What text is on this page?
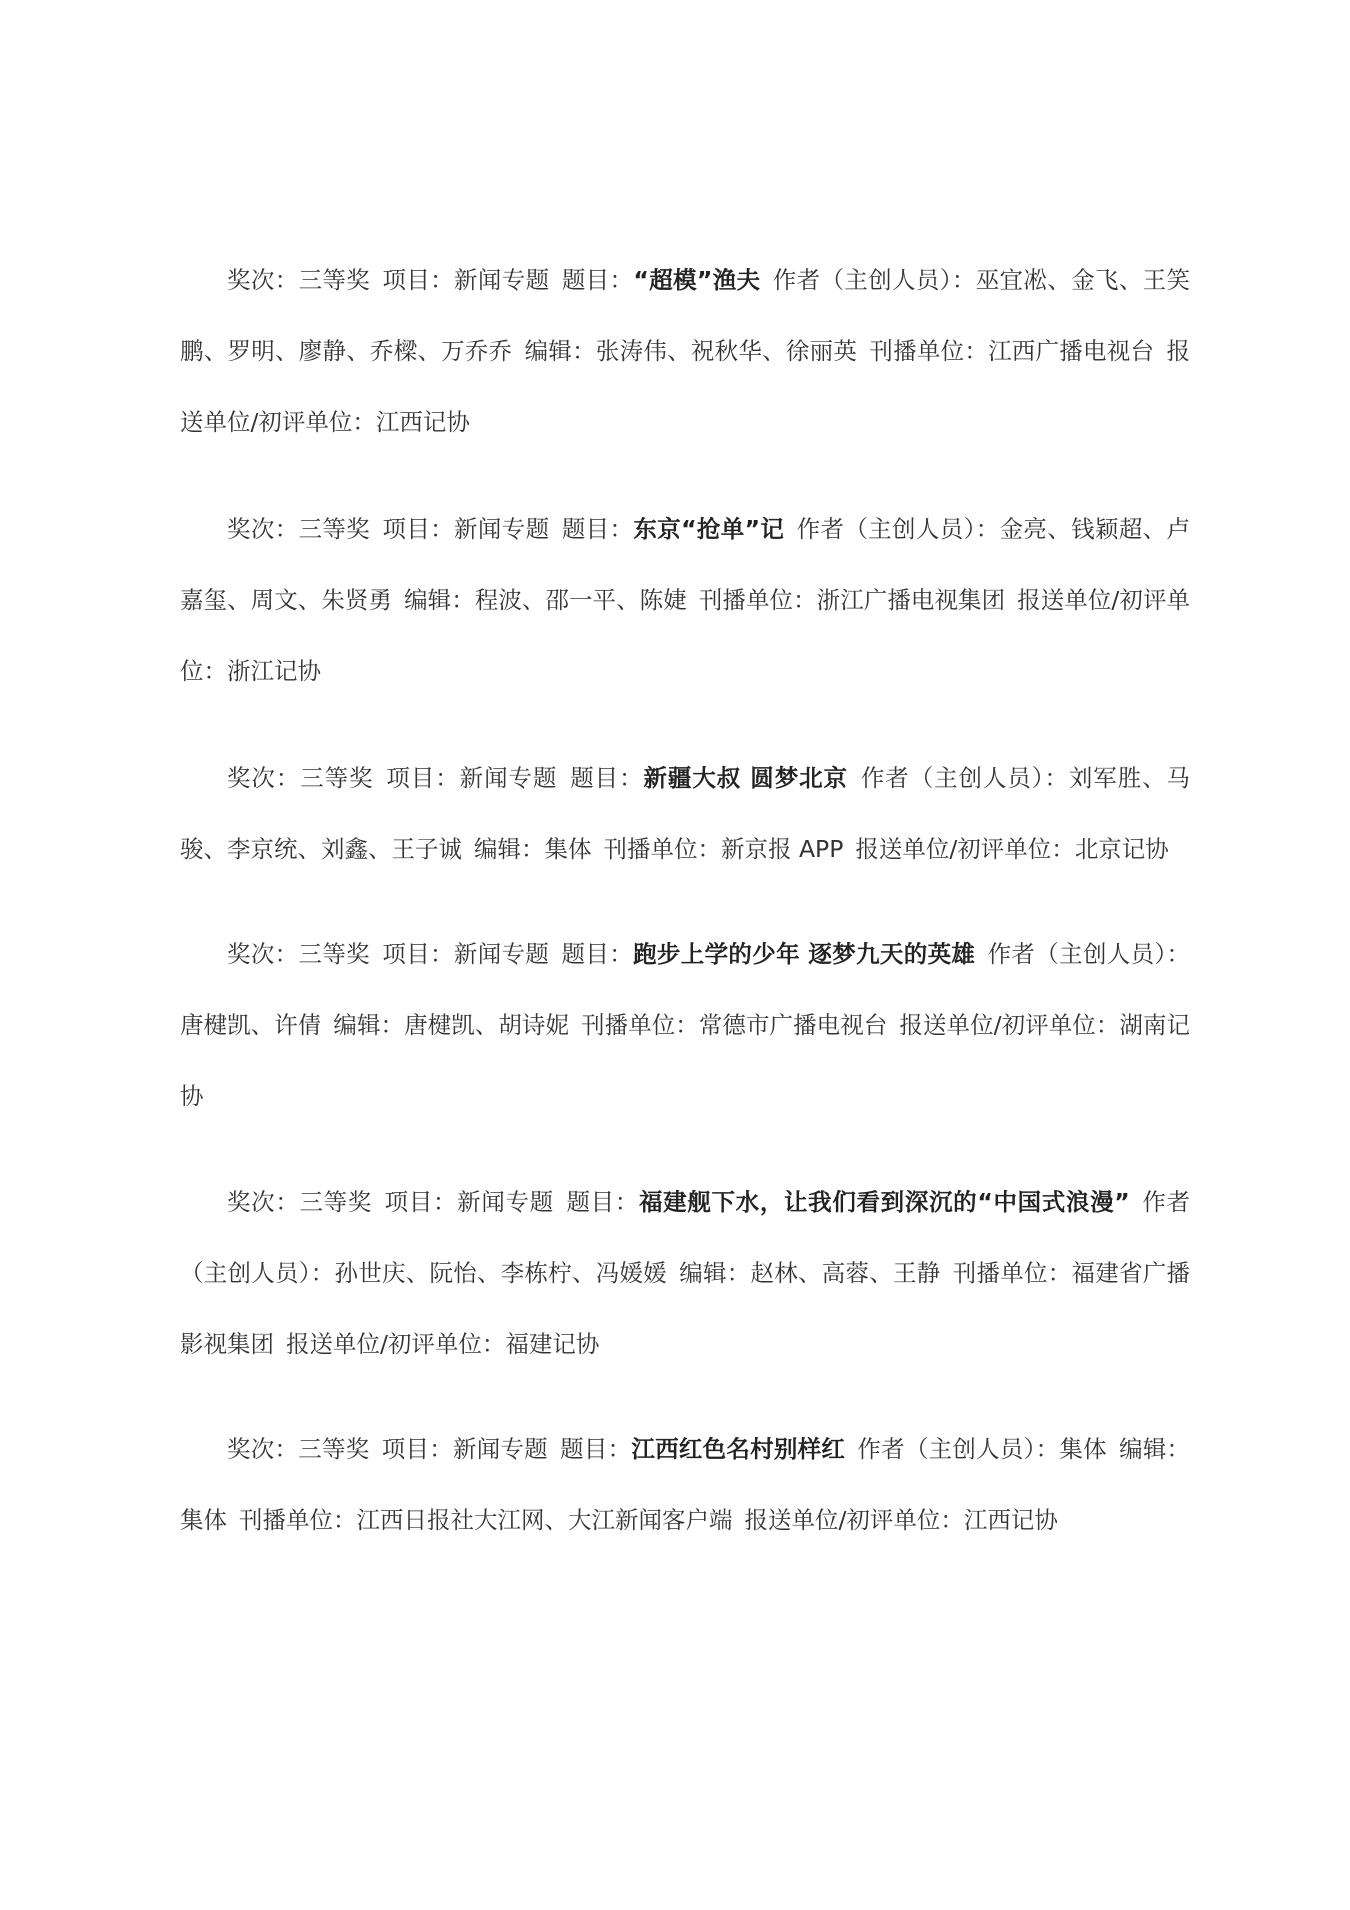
奖次：三等奖 项目：新闻专题 题目：“超模”渔夫 作者（主创人员）：巫宜凇、金飞、王笑鹏、罗明、廖静、乔樑、万乔乔 编辑：张涛伟、祝秋华、徐丽英 刊播单位：江西广播电视台 报送单位/初评单位：江西记协

奖次：三等奖 项目：新闻专题 题目：东京“抢单”记 作者（主创人员）：金亮、钱颖超、卢嘉玺、周文、朱贤勇 编辑：程波、邵一平、陈婕 刊播单位：浙江广播电视集团 报送单位/初评单位：浙江记协

奖次：三等奖 项目：新闻专题 题目：新疆大叔 圆梦北京 作者（主创人员）：刘军胜、马骏、李京统、刘鑫、王子诚 编辑：集体 刊播单位：新京报 APP 报送单位/初评单位：北京记协

奖次：三等奖 项目：新闻专题 题目：跑步上学的少年 逐梦九天的英雄 作者（主创人员）：唐楗凯、许倩 编辑：唐楗凯、胡诗妮 刊播单位：常德市广播电视台 报送单位/初评单位：湖南记协

奖次：三等奖 项目：新闻专题 题目：福建舰下水，让我们看到深沉的“中国式浪漫” 作者（主创人员）：孙世庆、阮怡、李栋柠、冯媛媛 编辑：赵林、高蓉、王静 刊播单位：福建省广播影视集团 报送单位/初评单位：福建记协

奖次：三等奖 项目：新闻专题 题目：江西红色名村别样红 作者（主创人员）：集体 编辑：集体 刊播单位：江西日报社大江网、大江新闻客户端 报送单位/初评单位：江西记协
